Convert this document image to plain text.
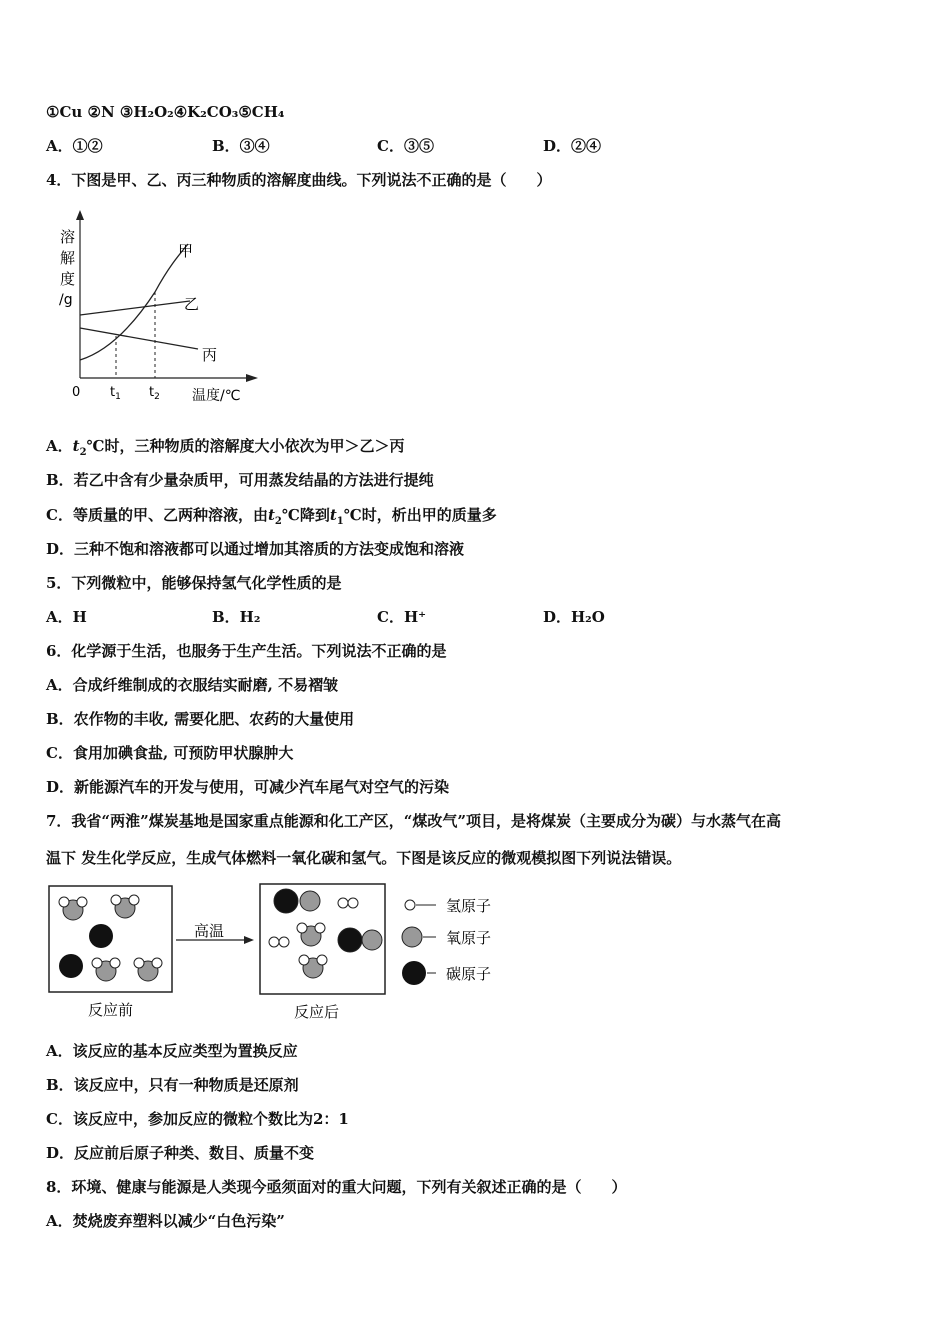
①Cu ②N ③H₂O₂④K₂CO₃⑤CH₄
A．①②	B．③④	C．③⑤	D．②④
4．下图是甲、乙、丙三种物质的溶解度曲线。下列说法不正确的是（　　）
溶
解
度
/g
甲
乙
丙
0 $t_1$ $t_2$ 温度/℃
A．$t_2℃$时，三种物质的溶解度大小依次为甲＞乙＞丙
B．若乙中含有少量杂质甲，可用蒸发结晶的方法进行提纯
C．等质量的甲、乙两种溶液，由$t_2℃$降到$t_1℃$时，析出甲的质量多
D．三种不饱和溶液都可以通过增加其溶质的方法变成饱和溶液
5．下列微粒中，能够保持氢气化学性质的是
A．H	B．H₂	C．H⁺	D．H₂O
6．化学源于生活，也服务于生产生活。下列说法不正确的是
A．合成纤维制成的衣服结实耐磨, 不易褶皱
B．农作物的丰收, 需要化肥、农药的大量使用
C．食用加碘食盐, 可预防甲状腺肿大
D．新能源汽车的开发与使用，可减少汽车尾气对空气的污染
7．我省“两淮”煤炭基地是国家重点能源和化工产区，“煤改气”项目，是将煤炭（主要成分为碳）与水蒸气在高
温下 发生化学反应，生成气体燃料一氧化碳和氢气。下图是该反应的微观模拟图下列说法错误。
反应前
高温
反应后
氢原子
氧原子
碳原子
A．该反应的基本反应类型为置换反应
B．该反应中，只有一种物质是还原剂
C．该反应中，参加反应的微粒个数比为2：1
D．反应前后原子种类、数目、质量不变
8．环境、健康与能源是人类现今亟须面对的重大问题，下列有关叙述正确的是（　　）
A．焚烧废弃塑料以减少“白色污染”
